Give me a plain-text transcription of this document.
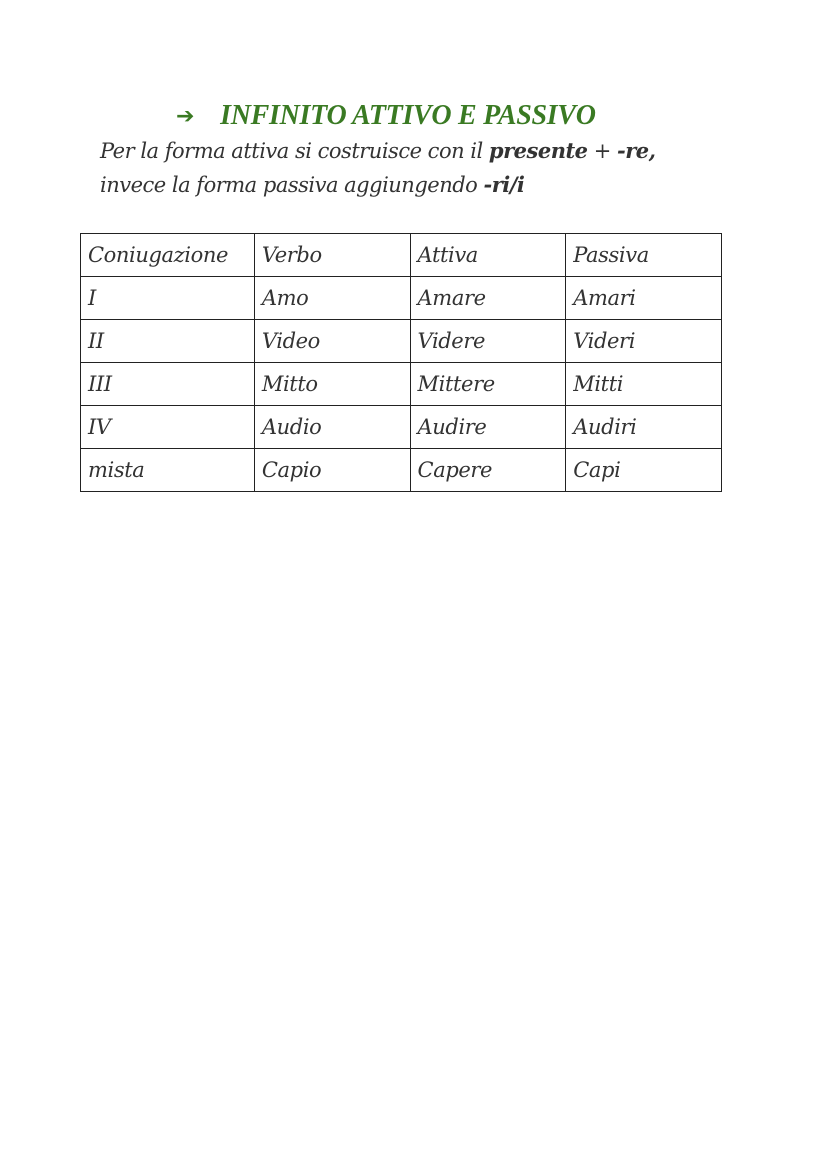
➔ INFINITO ATTIVO E PASSIVO
Per la forma attiva si costruisce con il presente + -re,
invece la forma passiva aggiungendo -ri/i
Coniugazione	Verbo	Attiva	Passiva
I	Amo	Amare	Amari
II	Video	Videre	Videri
III	Mitto	Mittere	Mitti
IV	Audio	Audire	Audiri
mista	Capio	Capere	Capi
